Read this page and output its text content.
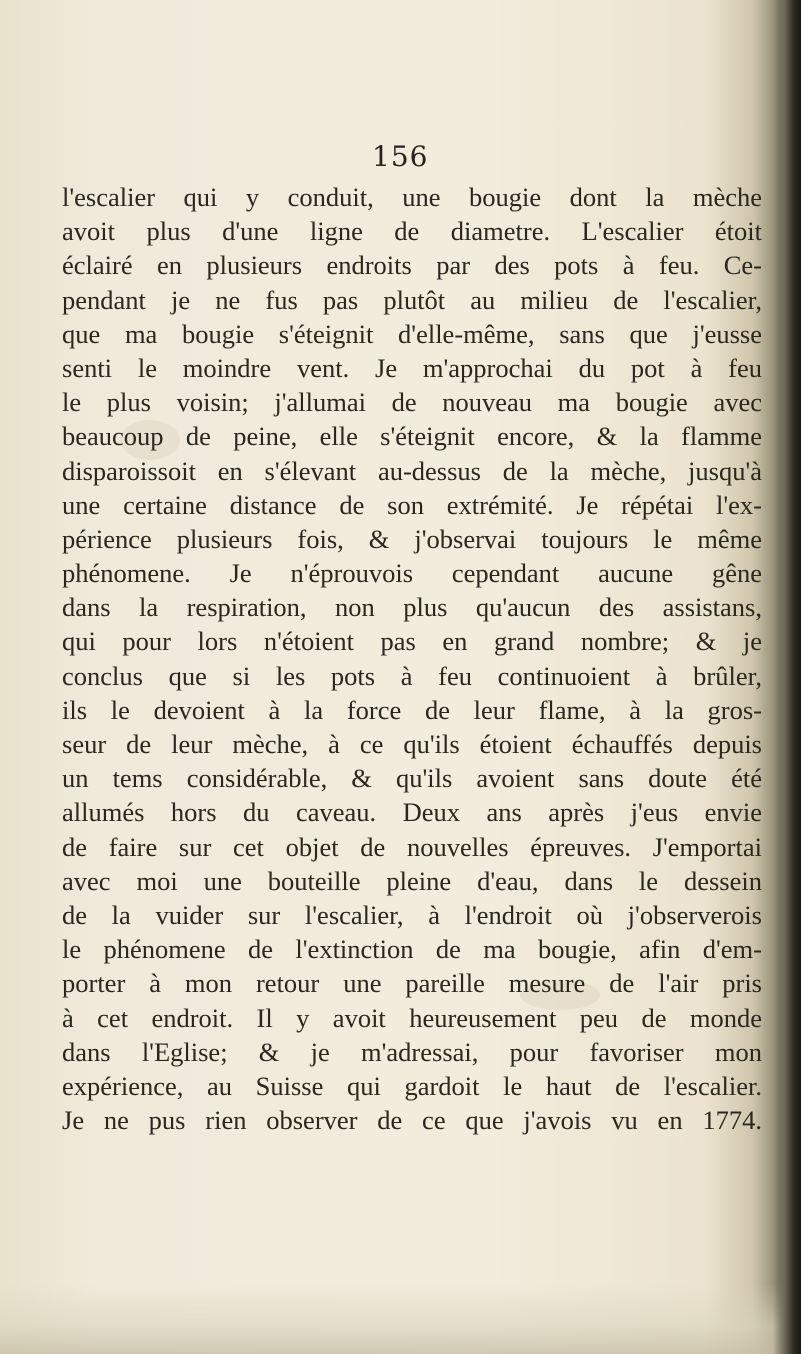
156
l'escalier qui y conduit, une bougie dont la mèche
avoit plus d'une ligne de diametre. L'escalier étoit
éclairé en plusieurs endroits par des pots à feu. Ce-
pendant je ne fus pas plutôt au milieu de l'escalier,
que ma bougie s'éteignit d'elle-même, sans que j'eusse
senti le moindre vent. Je m'approchai du pot à feu
le plus voisin; j'allumai de nouveau ma bougie avec
beaucoup de peine, elle s'éteignit encore, & la flamme
disparoissoit en s'élevant au-dessus de la mèche, jusqu'à
une certaine distance de son extrémité. Je répétai l'ex-
périence plusieurs fois, & j'observai toujours le même
phénomene. Je n'éprouvois cependant aucune gêne
dans la respiration, non plus qu'aucun des assistans,
qui pour lors n'étoient pas en grand nombre; & je
conclus que si les pots à feu continuoient à brûler,
ils le devoient à la force de leur flame, à la gros-
seur de leur mèche, à ce qu'ils étoient échauffés depuis
un tems considérable, & qu'ils avoient sans doute été
allumés hors du caveau. Deux ans après j'eus envie
de faire sur cet objet de nouvelles épreuves. J'emportai
avec moi une bouteille pleine d'eau, dans le dessein
de la vuider sur l'escalier, à l'endroit où j'observerois
le phénomene de l'extinction de ma bougie, afin d'em-
porter à mon retour une pareille mesure de l'air pris
à cet endroit. Il y avoit heureusement peu de monde
dans l'Eglise; & je m'adressai, pour favoriser mon
expérience, au Suisse qui gardoit le haut de l'escalier.
Je ne pus rien observer de ce que j'avois vu en 1774.
